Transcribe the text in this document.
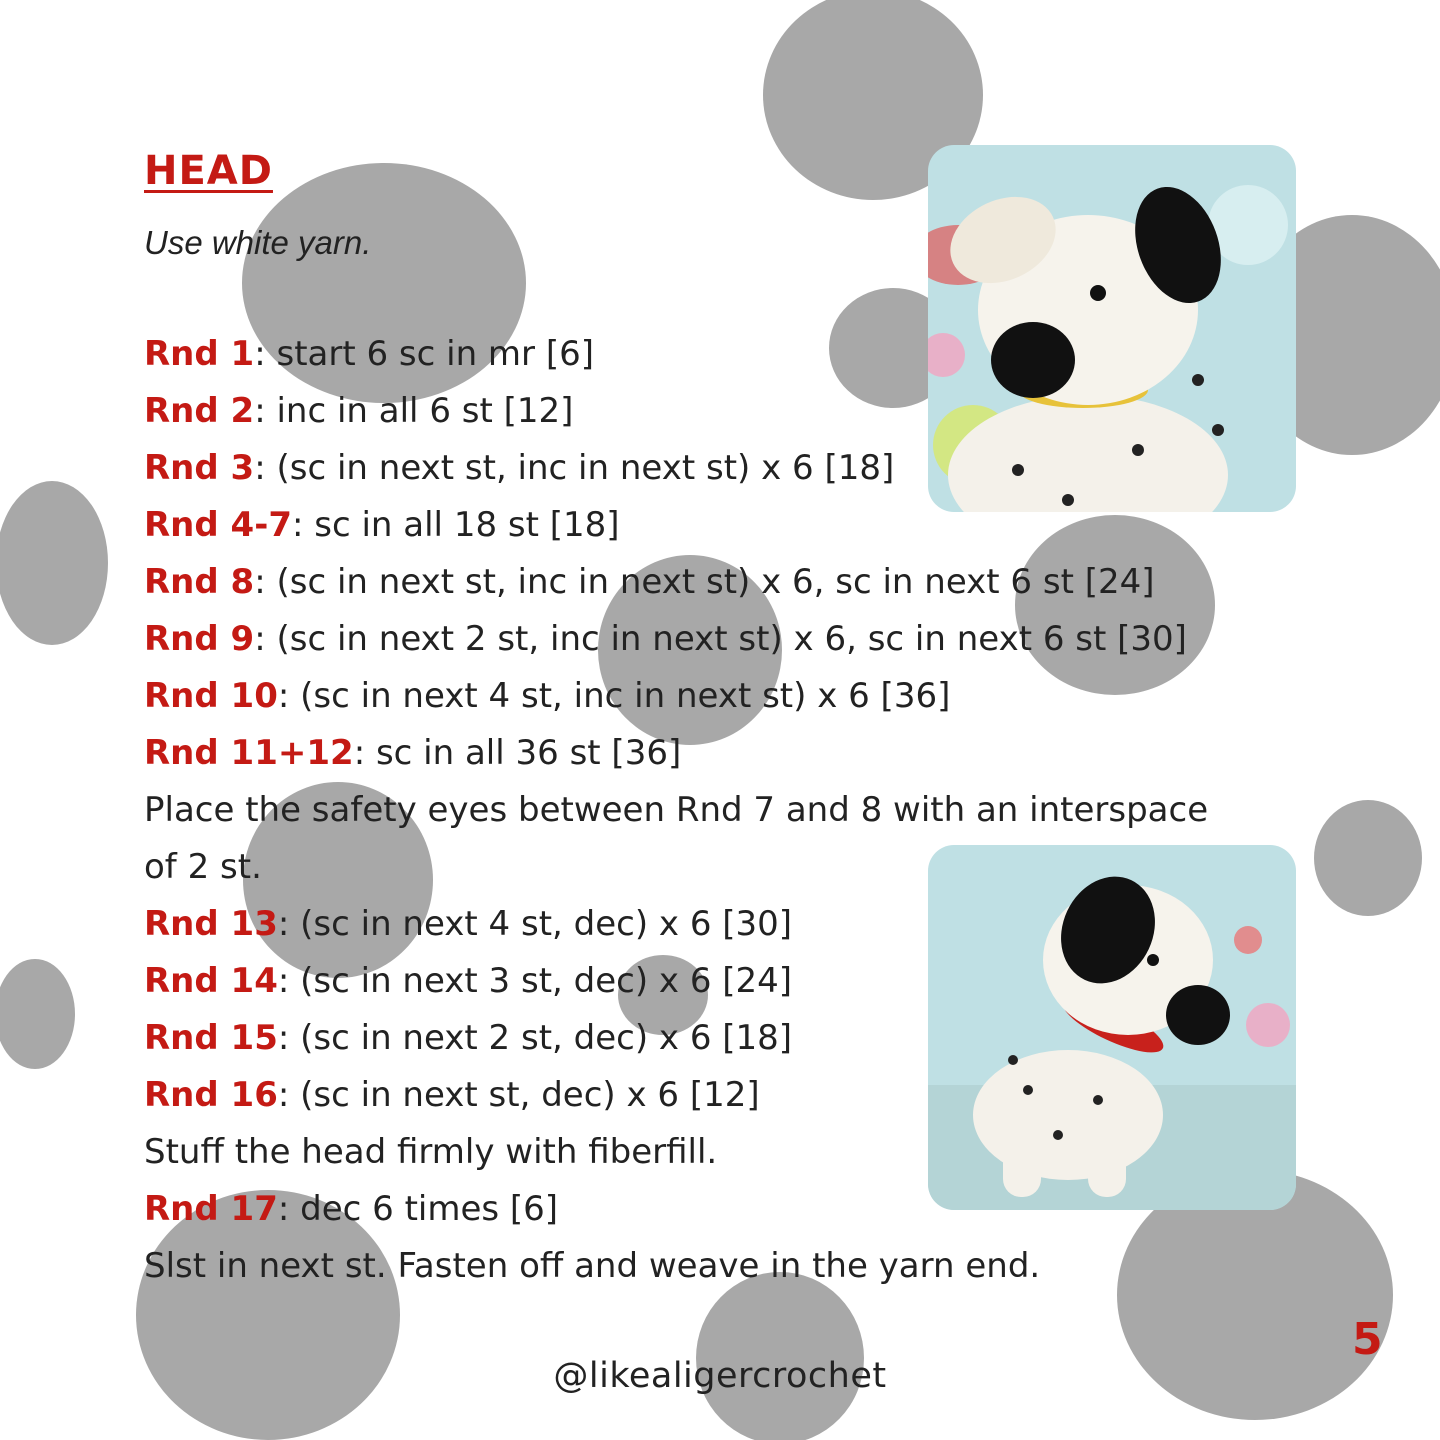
HEAD
Use white yarn.
Rnd 1: start 6 sc in mr [6]
Rnd 2: inc in all 6 st [12]
Rnd 3: (sc in next st, inc in next st) x 6 [18]
Rnd 4-7: sc in all 18 st [18]
Rnd 8: (sc in next st, inc in next st) x 6, sc in next 6 st [24]
Rnd 9: (sc in next 2 st, inc in next st) x 6, sc in next 6 st [30]
Rnd 10: (sc in next 4 st, inc in next st) x 6 [36]
Rnd 11+12: sc in all 36 st [36]
Place the safety eyes between Rnd 7 and 8 with an interspace
of 2 st.
Rnd 13: (sc in next 4 st, dec) x 6 [30]
Rnd 14: (sc in next 3 st, dec) x 6 [24]
Rnd 15: (sc in next 2 st, dec) x 6 [18]
Rnd 16: (sc in next st, dec) x 6 [12]
Stuff the head firmly with fiberfill.
Rnd 17: dec 6 times [6]
Slst in next st. Fasten off and weave in the yarn end.
@likealigercrochet
5
